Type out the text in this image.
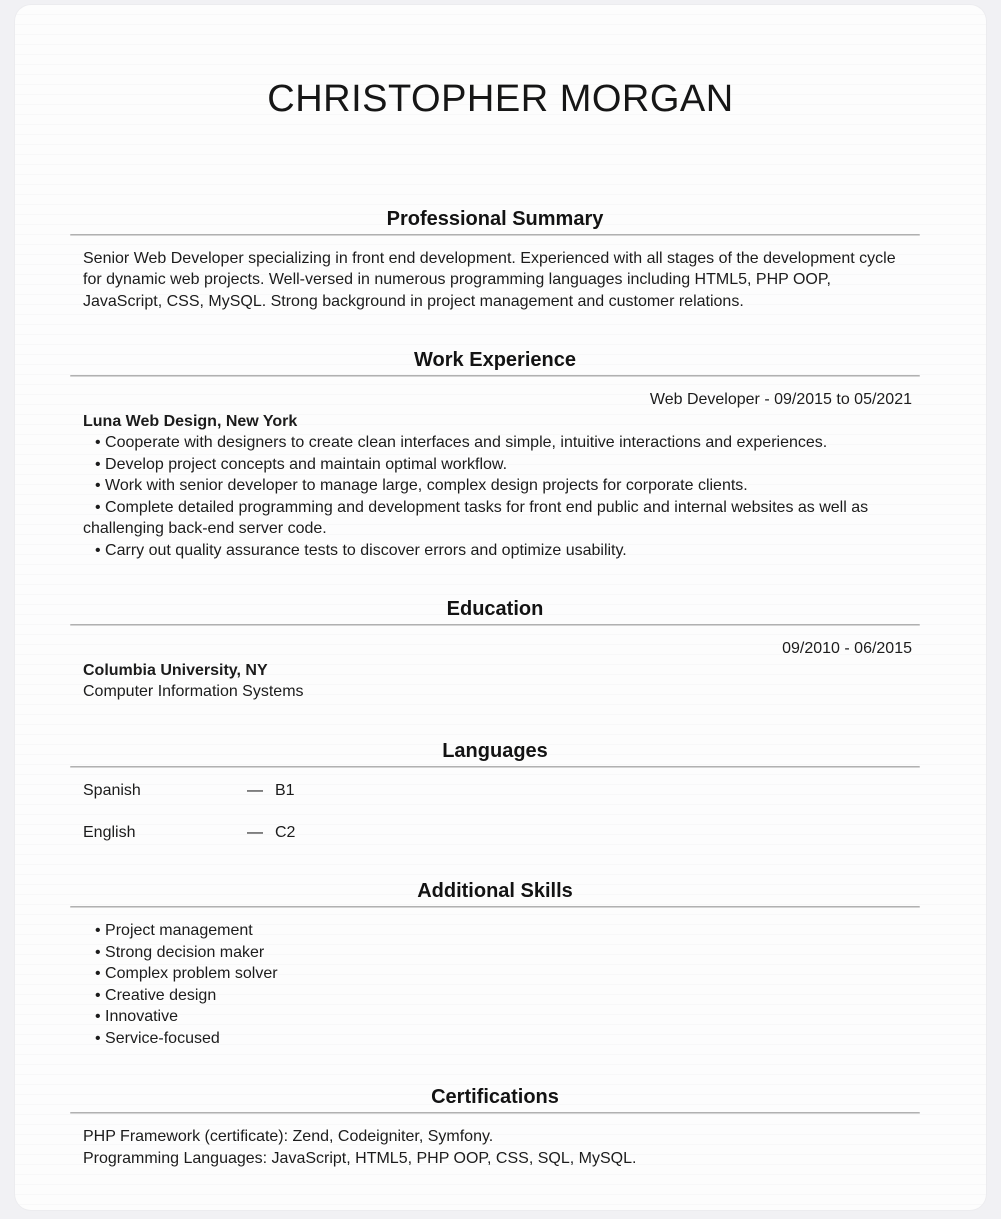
CHRISTOPHER MORGAN
Professional Summary

Senior Web Developer specializing in front end development. Experienced with all stages of the development cycle for dynamic web projects. Well-versed in numerous programming languages including HTML5, PHP OOP, JavaScript, CSS, MySQL. Strong background in project management and customer relations.

Work Experience
Web Developer - 09/2015 to 05/2021
Luna Web Design, New York
• Cooperate with designers to create clean interfaces and simple, intuitive interactions and experiences.
• Develop project concepts and maintain optimal workflow.
• Work with senior developer to manage large, complex design projects for corporate clients.
• Complete detailed programming and development tasks for front end public and internal websites as well as challenging back-end server code.
• Carry out quality assurance tests to discover errors and optimize usability.
Education
09/2010 - 06/2015
Columbia University, NY
Computer Information Systems
Languages
Spanish	— B1
English	— C2
Additional Skills
• Project management
• Strong decision maker
• Complex problem solver
• Creative design
• Innovative
• Service-focused
Certifications
PHP Framework (certificate): Zend, Codeigniter, Symfony.
Programming Languages: JavaScript, HTML5, PHP OOP, CSS, SQL, MySQL.
